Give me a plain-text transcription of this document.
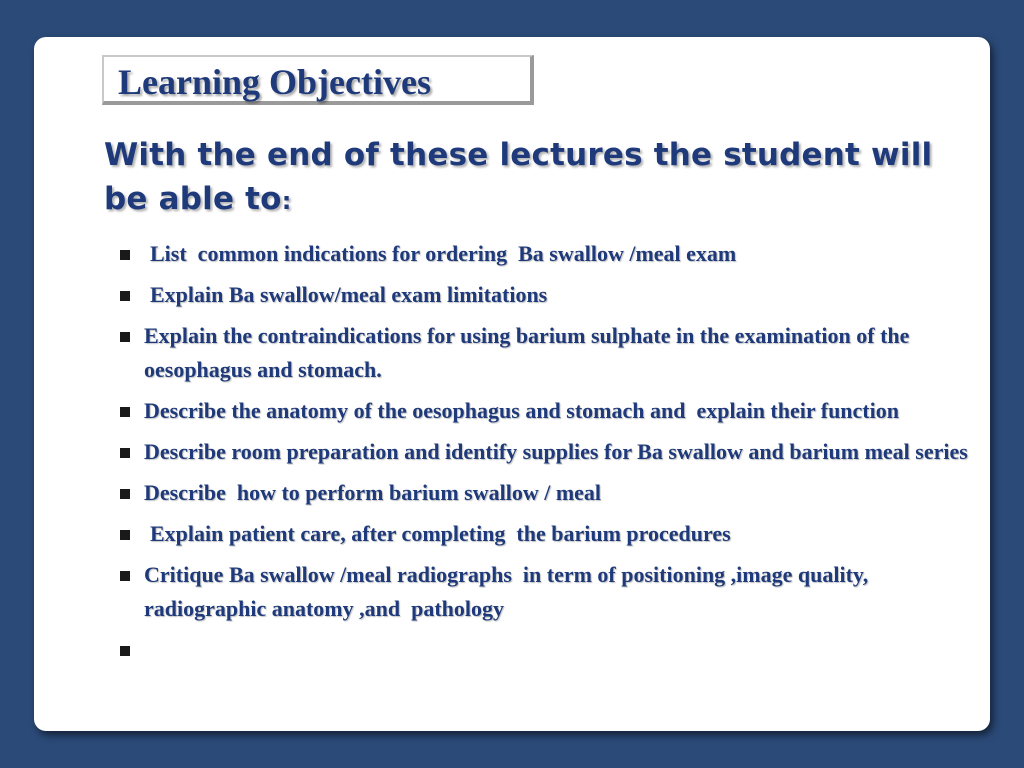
Learning Objectives
With the end of these lectures the student will be able to:
List  common indications for ordering  Ba swallow /meal exam
Explain Ba swallow/meal exam limitations
Explain the contraindications for using barium sulphate in the examination of the oesophagus and stomach.
Describe the anatomy of the oesophagus and stomach and  explain their function
Describe room preparation and identify supplies for Ba swallow and barium meal series
Describe  how to perform barium swallow / meal
Explain patient care, after completing  the barium procedures
Critique Ba swallow /meal radiographs  in term of positioning ,image quality, radiographic anatomy ,and  pathology
